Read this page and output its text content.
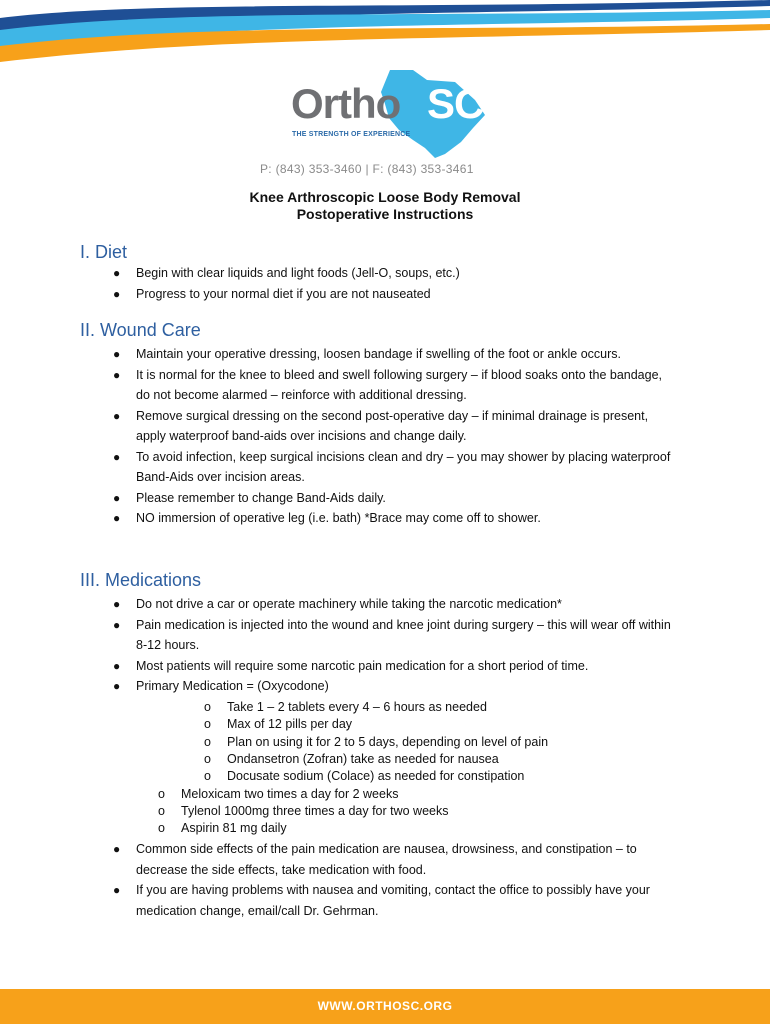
Ortho SC
THE STRENGTH OF EXPERIENCE
P: (843) 353-3460 | F: (843) 353-3461
Knee Arthroscopic Loose Body Removal
Postoperative Instructions
I. Diet
● Begin with clear liquids and light foods (Jell-O, soups, etc.)
● Progress to your normal diet if you are not nauseated
II. Wound Care
● Maintain your operative dressing, loosen bandage if swelling of the foot or ankle occurs.
● It is normal for the knee to bleed and swell following surgery – if blood soaks onto the bandage, do not become alarmed – reinforce with additional dressing.
● Remove surgical dressing on the second post-operative day – if minimal drainage is present, apply waterproof band-aids over incisions and change daily.
● To avoid infection, keep surgical incisions clean and dry – you may shower by placing waterproof Band-Aids over incision areas.
● Please remember to change Band-Aids daily.
● NO immersion of operative leg (i.e. bath) *Brace may come off to shower.
III. Medications
● Do not drive a car or operate machinery while taking the narcotic medication*
● Pain medication is injected into the wound and knee joint during surgery – this will wear off within 8-12 hours.
● Most patients will require some narcotic pain medication for a short period of time.
● Primary Medication = (Oxycodone)
o Take 1 – 2 tablets every 4 – 6 hours as needed
o Max of 12 pills per day
o Plan on using it for 2 to 5 days, depending on level of pain
o Ondansetron (Zofran) take as needed for nausea
o Docusate sodium (Colace) as needed for constipation
o Meloxicam two times a day for 2 weeks
o Tylenol 1000mg three times a day for two weeks
o Aspirin 81 mg daily
● Common side effects of the pain medication are nausea, drowsiness, and constipation – to decrease the side effects, take medication with food.
● If you are having problems with nausea and vomiting, contact the office to possibly have your medication change, email/call Dr. Gehrman.
WWW.ORTHOSC.ORG
